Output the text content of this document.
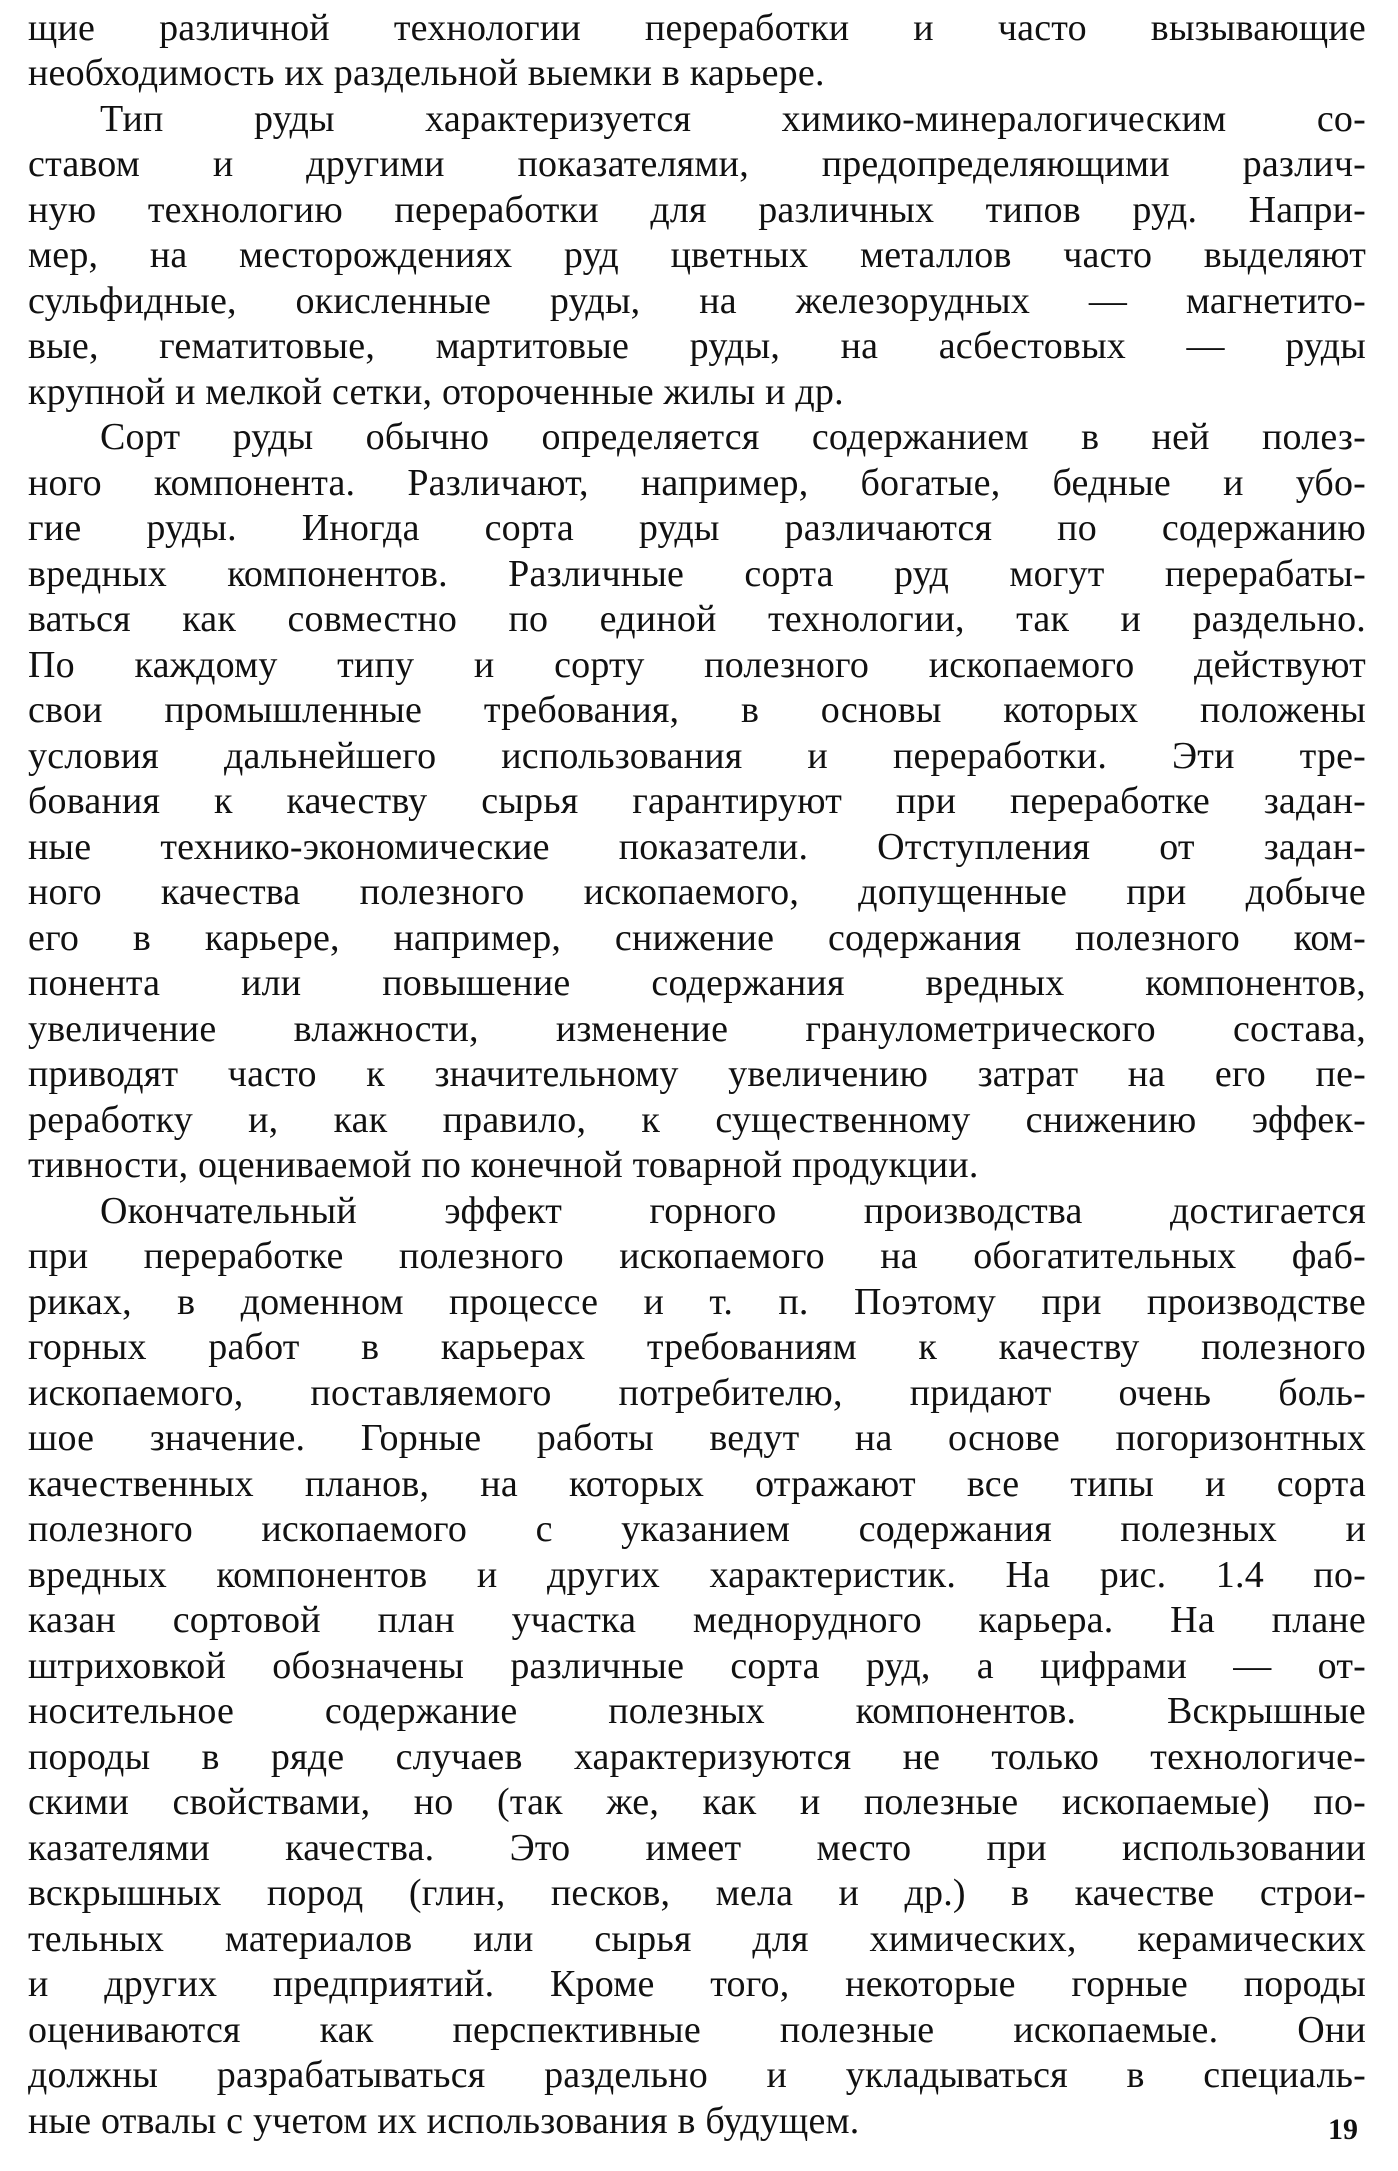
щие различной технологии переработки и часто вызывающие
необходимость их раздельной выемки в карьере.
Тип руды характеризуется химико-минералогическим со-
ставом и другими показателями, предопределяющими различ-
ную технологию переработки для различных типов руд. Напри-
мер, на месторождениях руд цветных металлов часто выделяют
сульфидные, окисленные руды, на железорудных — магнетито-
вые, гематитовые, мартитовые руды, на асбестовых — руды
крупной и мелкой сетки, отороченные жилы и др.
Сорт руды обычно определяется содержанием в ней полез-
ного компонента. Различают, например, богатые, бедные и убо-
гие руды. Иногда сорта руды различаются по содержанию
вредных компонентов. Различные сорта руд могут перерабаты-
ваться как совместно по единой технологии, так и раздельно.
По каждому типу и сорту полезного ископаемого действуют
свои промышленные требования, в основы которых положены
условия дальнейшего использования и переработки. Эти тре-
бования к качеству сырья гарантируют при переработке задан-
ные технико-экономические показатели. Отступления от задан-
ного качества полезного ископаемого, допущенные при добыче
его в карьере, например, снижение содержания полезного ком-
понента или повышение содержания вредных компонентов,
увеличение влажности, изменение гранулометрического состава,
приводят часто к значительному увеличению затрат на его пе-
реработку и, как правило, к существенному снижению эффек-
тивности, оцениваемой по конечной товарной продукции.
Окончательный эффект горного производства достигается
при переработке полезного ископаемого на обогатительных фаб-
риках, в доменном процессе и т. п. Поэтому при производстве
горных работ в карьерах требованиям к качеству полезного
ископаемого, поставляемого потребителю, придают очень боль-
шое значение. Горные работы ведут на основе погоризонтных
качественных планов, на которых отражают все типы и сорта
полезного ископаемого с указанием содержания полезных и
вредных компонентов и других характеристик. На рис. 1.4 по-
казан сортовой план участка меднорудного карьера. На плане
штриховкой обозначены различные сорта руд, а цифрами — от-
носительное содержание полезных компонентов. Вскрышные
породы в ряде случаев характеризуются не только технологиче-
скими свойствами, но (так же, как и полезные ископаемые) по-
казателями качества. Это имеет место при использовании
вскрышных пород (глин, песков, мела и др.) в качестве строи-
тельных материалов или сырья для химических, керамических
и других предприятий. Кроме того, некоторые горные породы
оцениваются как перспективные полезные ископаемые. Они
должны разрабатываться раздельно и укладываться в специаль-
ные отвалы с учетом их использования в будущем.	19
